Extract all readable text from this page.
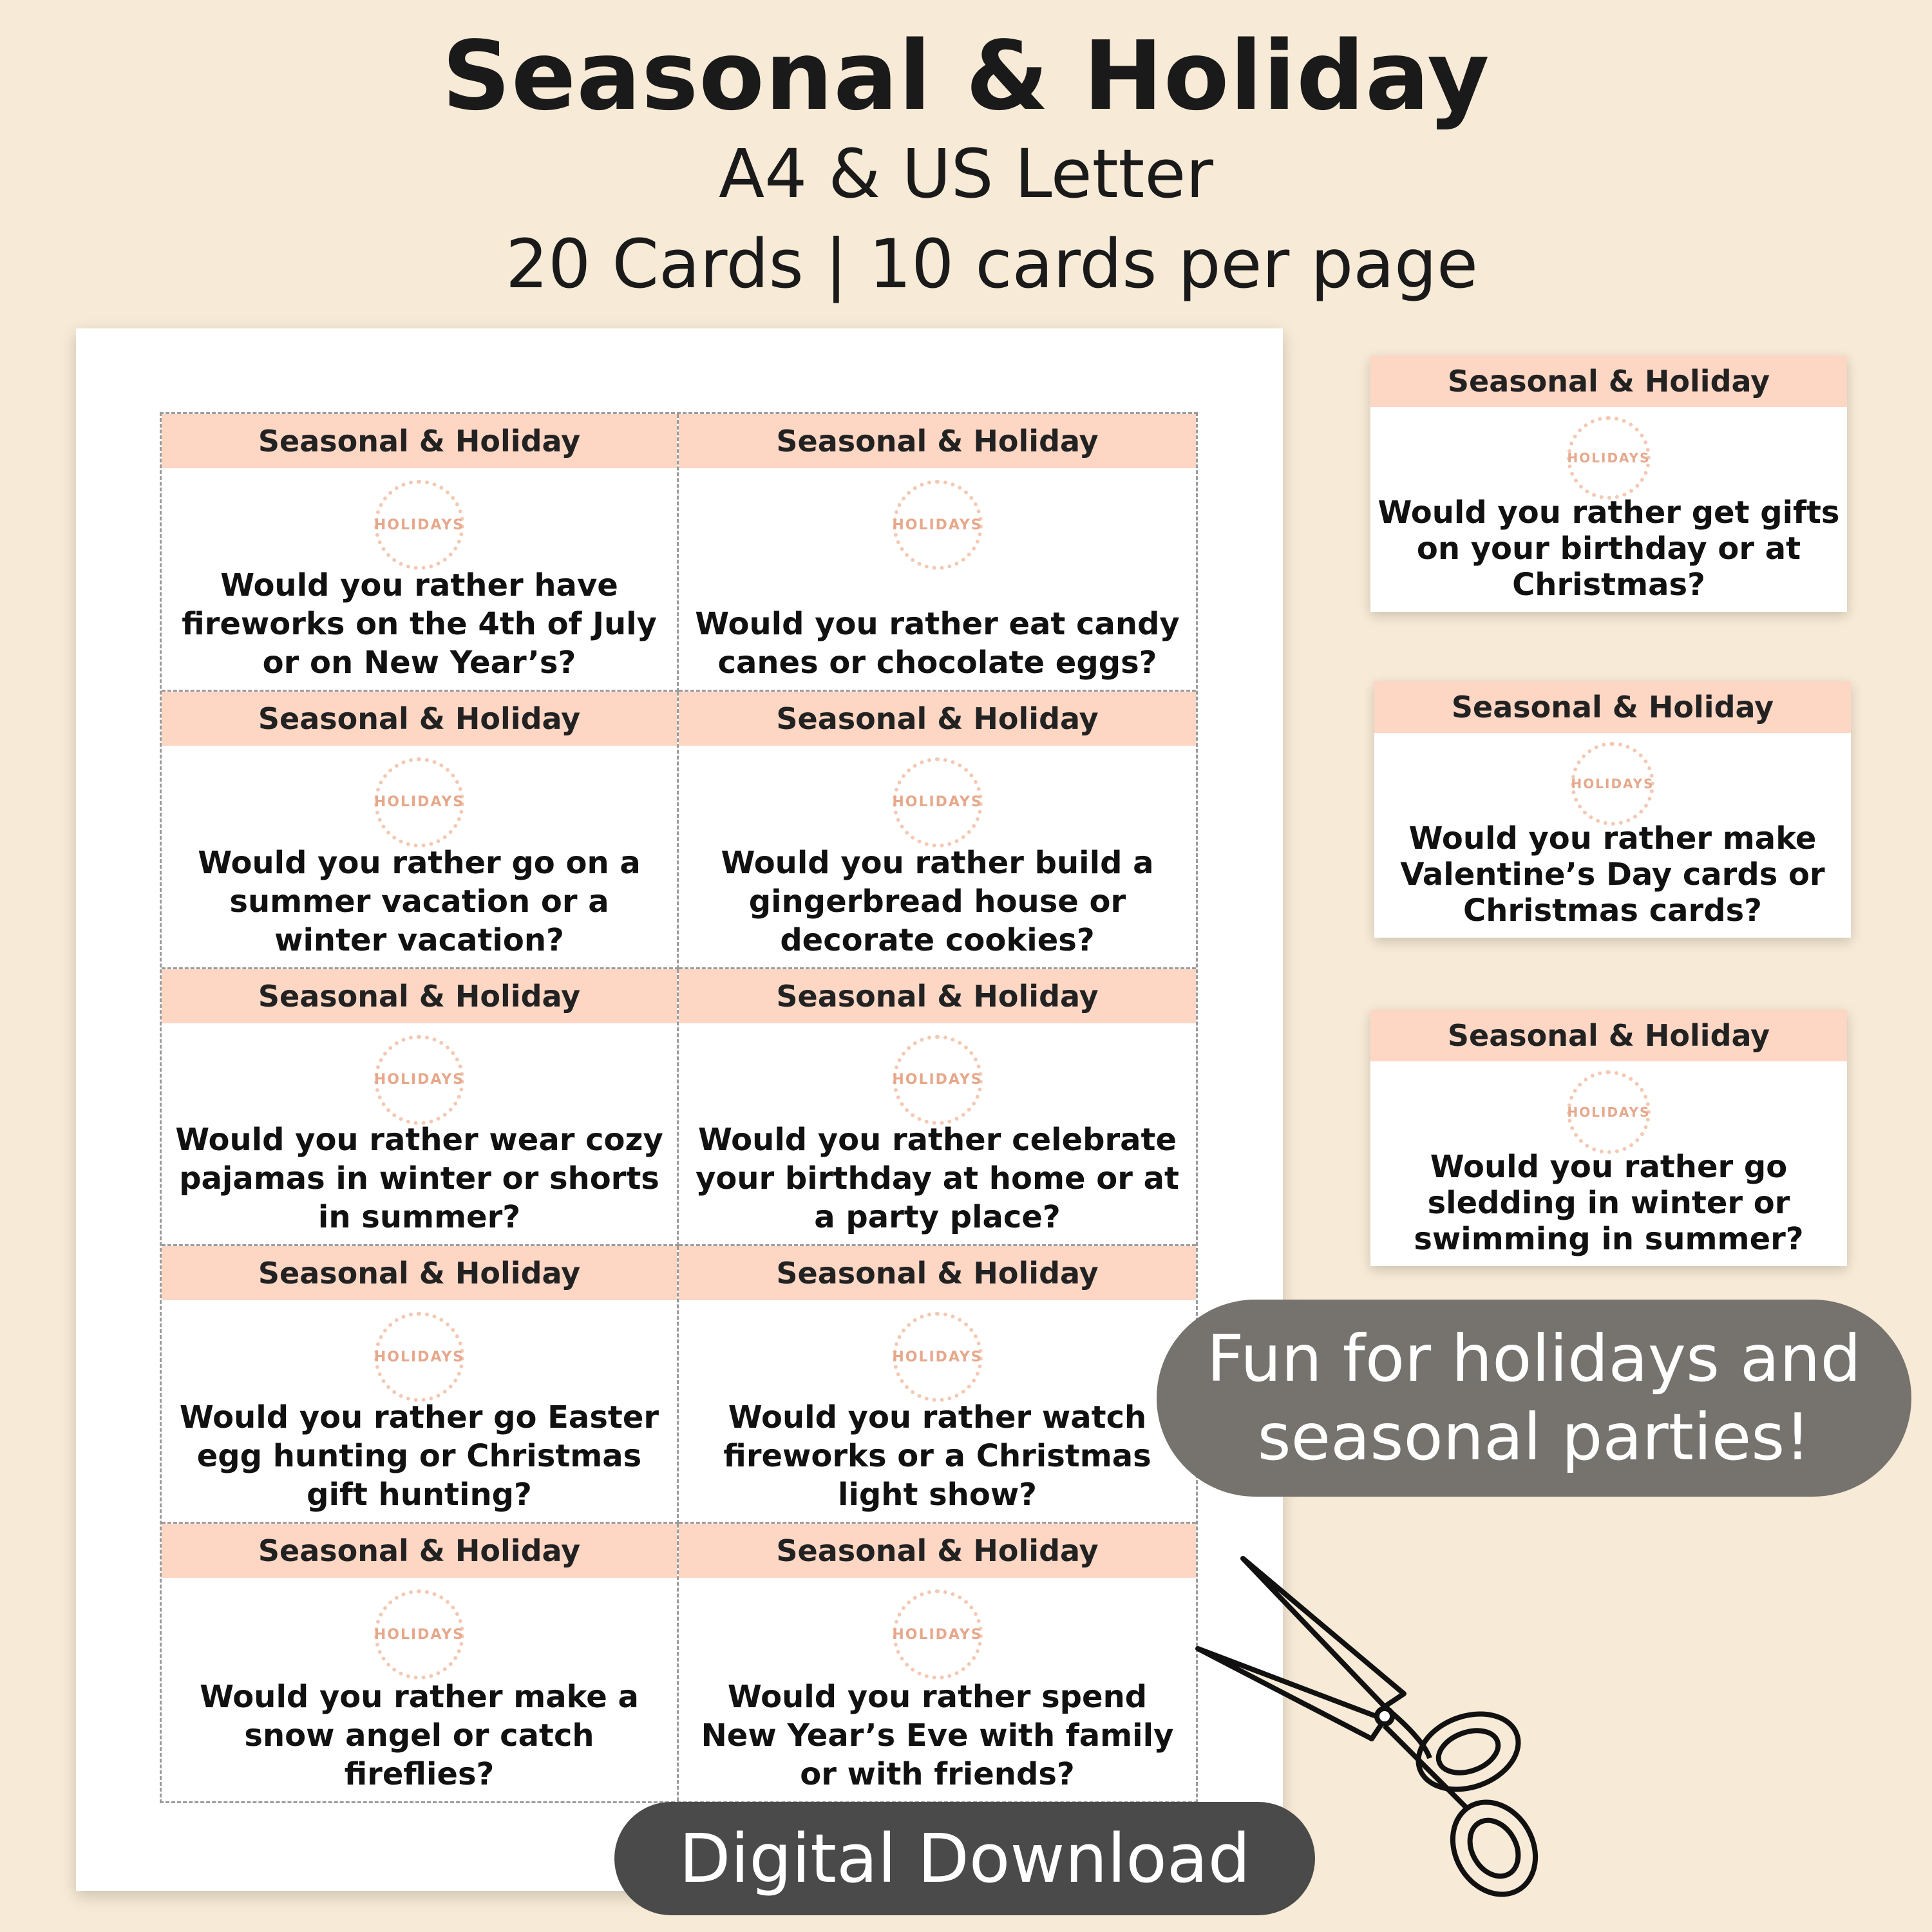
Seasonal & Holiday
A4 & US Letter
20 Cards | 10 cards per page
Seasonal & Holiday
HOLIDAYS
Would you rather have fireworks on the 4th of July or on New Year’s?
Seasonal & Holiday
HOLIDAYS
Would you rather eat candy canes or chocolate eggs?
Seasonal & Holiday
HOLIDAYS
Would you rather go on a summer vacation or a winter vacation?
Seasonal & Holiday
HOLIDAYS
Would you rather build a gingerbread house or decorate cookies?
Seasonal & Holiday
HOLIDAYS
Would you rather wear cozy pajamas in winter or shorts in summer?
Seasonal & Holiday
HOLIDAYS
Would you rather celebrate your birthday at home or at a party place?
Seasonal & Holiday
HOLIDAYS
Would you rather go Easter egg hunting or Christmas gift hunting?
Seasonal & Holiday
HOLIDAYS
Would you rather watch fireworks or a Christmas light show?
Seasonal & Holiday
HOLIDAYS
Would you rather make a snow angel or catch fireflies?
Seasonal & Holiday
HOLIDAYS
Would you rather spend New Year’s Eve with family or with friends?
Seasonal & Holiday
HOLIDAYS
Would you rather get gifts on your birthday or at Christmas?
Seasonal & Holiday
HOLIDAYS
Would you rather make Valentine’s Day cards or Christmas cards?
Seasonal & Holiday
HOLIDAYS
Would you rather go sledding in winter or swimming in summer?
Fun for holidays and
seasonal parties!
Digital Download
